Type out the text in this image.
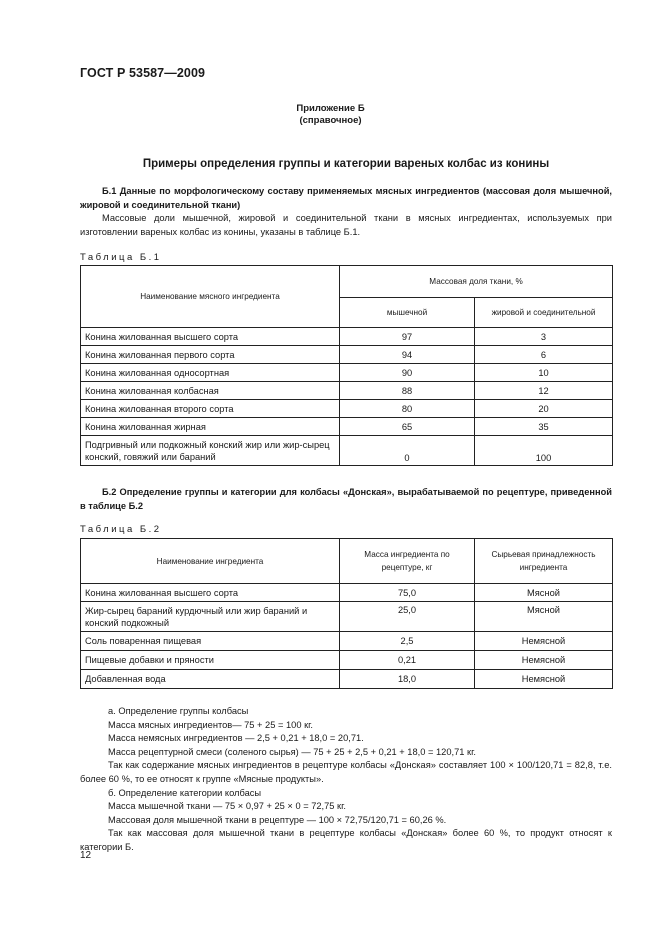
ГОСТ Р 53587—2009
Приложение Б
(справочное)
Примеры определения группы и категории вареных колбас из конины
Б.1 Данные по морфологическому составу применяемых мясных ингредиентов (массовая доля мышечной, жировой и соединительной ткани)
Массовые доли мышечной, жировой и соединительной ткани в мясных ингредиентах, используемых при изготовлении вареных колбас из конины, указаны в таблице Б.1.
Таблица Б.1
Наименование мясного ингредиента	Массовая доля ткани, %	
	мышечной	жировой и соединительной
Конина жилованная высшего сорта	97	3
Конина жилованная первого сорта	94	6
Конина жилованная односортная	90	10
Конина жилованная колбасная	88	12
Конина жилованная второго сорта	80	20
Конина жилованная жирная	65	35
Подгривный или подкожный конский жир или жир-сырец конский, говяжий или бараний	0	100
Б.2 Определение группы и категории для колбасы «Донская», вырабатываемой по рецептуре, приведенной в таблице Б.2
Таблица Б.2
Наименование ингредиента	Масса ингредиента по рецептуре, кг	Сырьевая принадлежность ингредиента
Конина жилованная высшего сорта	75,0	Мясной
Жир-сырец бараний курдючный или жир бараний и конский подкожный	25,0	Мясной
Соль поваренная пищевая	2,5	Немясной
Пищевые добавки и пряности	0,21	Немясной
Добавленная вода	18,0	Немясной
а. Определение группы колбасы
Масса мясных ингредиентов— 75 + 25 = 100 кг.
Масса немясных ингредиентов — 2,5 + 0,21 + 18,0 = 20,71.
Масса рецептурной смеси (соленого сырья) — 75 + 25 + 2,5 + 0,21 + 18,0 = 120,71 кг.
Так как содержание мясных ингредиентов в рецептуре колбасы «Донская» составляет 100 × 100/120,71 = 82,8, т.е. более 60 %, то ее относят к группе «Мясные продукты».
б. Определение категории колбасы
Масса мышечной ткани — 75 × 0,97 + 25 × 0 = 72,75 кг.
Массовая доля мышечной ткани в рецептуре — 100 × 72,75/120,71 = 60,26 %.
Так как массовая доля мышечной ткани в рецептуре колбасы «Донская» более 60 %, то продукт относят к категории Б.
12
